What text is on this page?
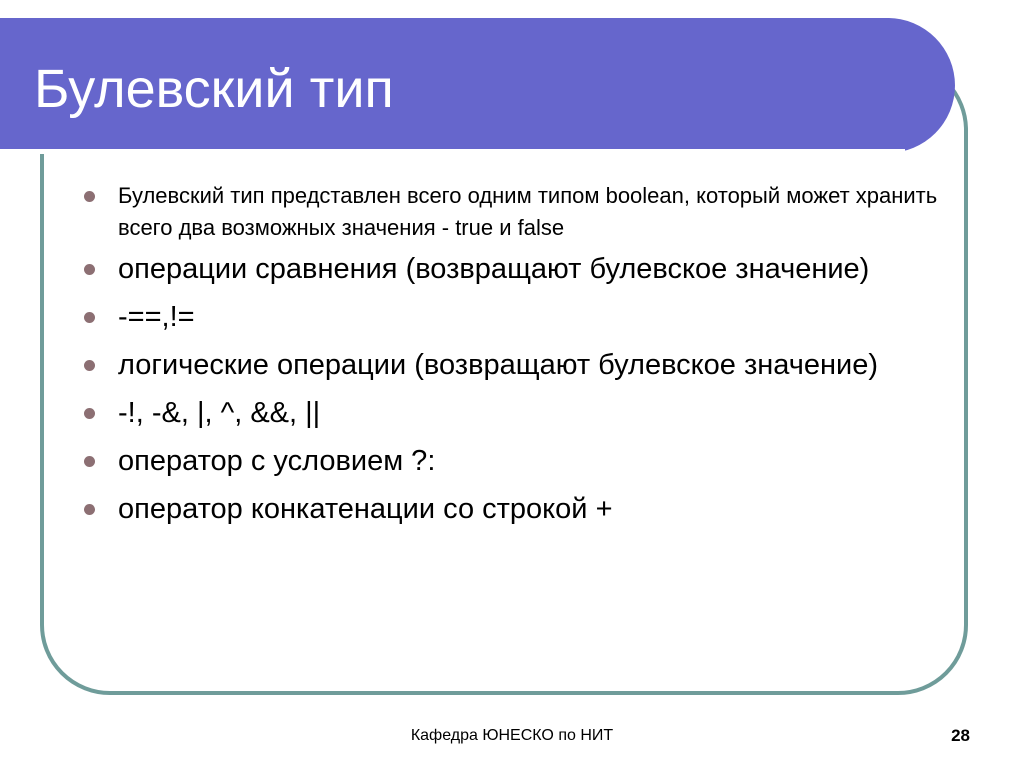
Булевский тип
Булевский тип представлен всего одним типом boolean, который может хранить всего два возможных значения - true и false
операции сравнения (возвращают булевское значение)
-==,!=
логические операции (возвращают булевское значение)
-!, -&, |, ^, &&, ||
оператор с условием ?:
оператор конкатенации со строкой +
Кафедра ЮНЕСКО по НИТ	28
